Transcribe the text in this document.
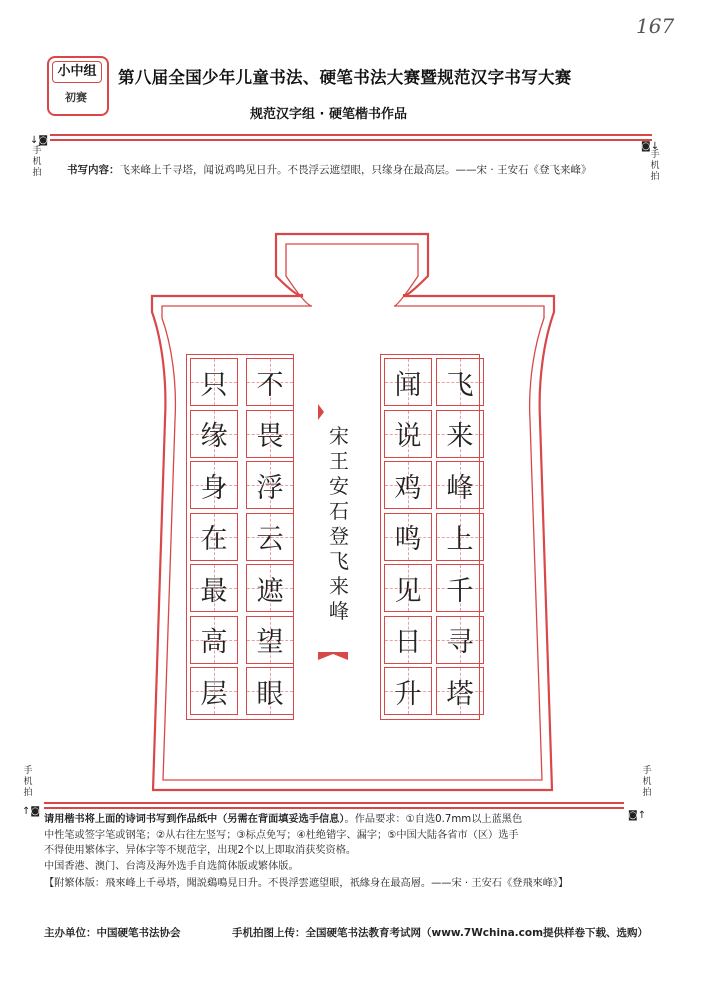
167
小中组
初赛
第八届全国少年儿童书法、硬笔书法大赛暨规范汉字书写大赛
规范汉字组 · 硬笔楷书作品
↓◙
手
机
拍
◙↓
手
机
拍
书写内容：飞来峰上千寻塔，闻说鸡鸣见日升。不畏浮云遮望眼，只缘身在最高层。——宋 · 王安石《登飞来峰》
飞
来
峰
上
千
寻
塔
闻
说
鸡
鸣
见
日
升
不
畏
浮
云
遮
望
眼
只
缘
身
在
最
高
层
宋
王
安
石
登
飞
来
峰
手
机
拍
↑◙
手
机
拍
◙↑
请用楷书将上面的诗词书写到作品纸中（另需在背面填妥选手信息）。作品要求：①自选0.7mm以上蓝黑色
中性笔或签字笔或钢笔；②从右往左竖写；③标点免写；④杜绝错字、漏字；⑤中国大陆各省市（区）选手
不得使用繁体字、异体字等不规范字，出现2个以上即取消获奖资格。
中国香港、澳门、台湾及海外选手自选简体版或繁体版。
【附繁体版：飛來峰上千尋塔，聞説鷄鳴見日升。不畏浮雲遮望眼，祇緣身在最高層。——宋 · 王安石《登飛來峰》】
主办单位：中国硬笔书法协会	手机拍图上传：全国硬笔书法教育考试网（www.7Wchina.com提供样卷下载、选购）
